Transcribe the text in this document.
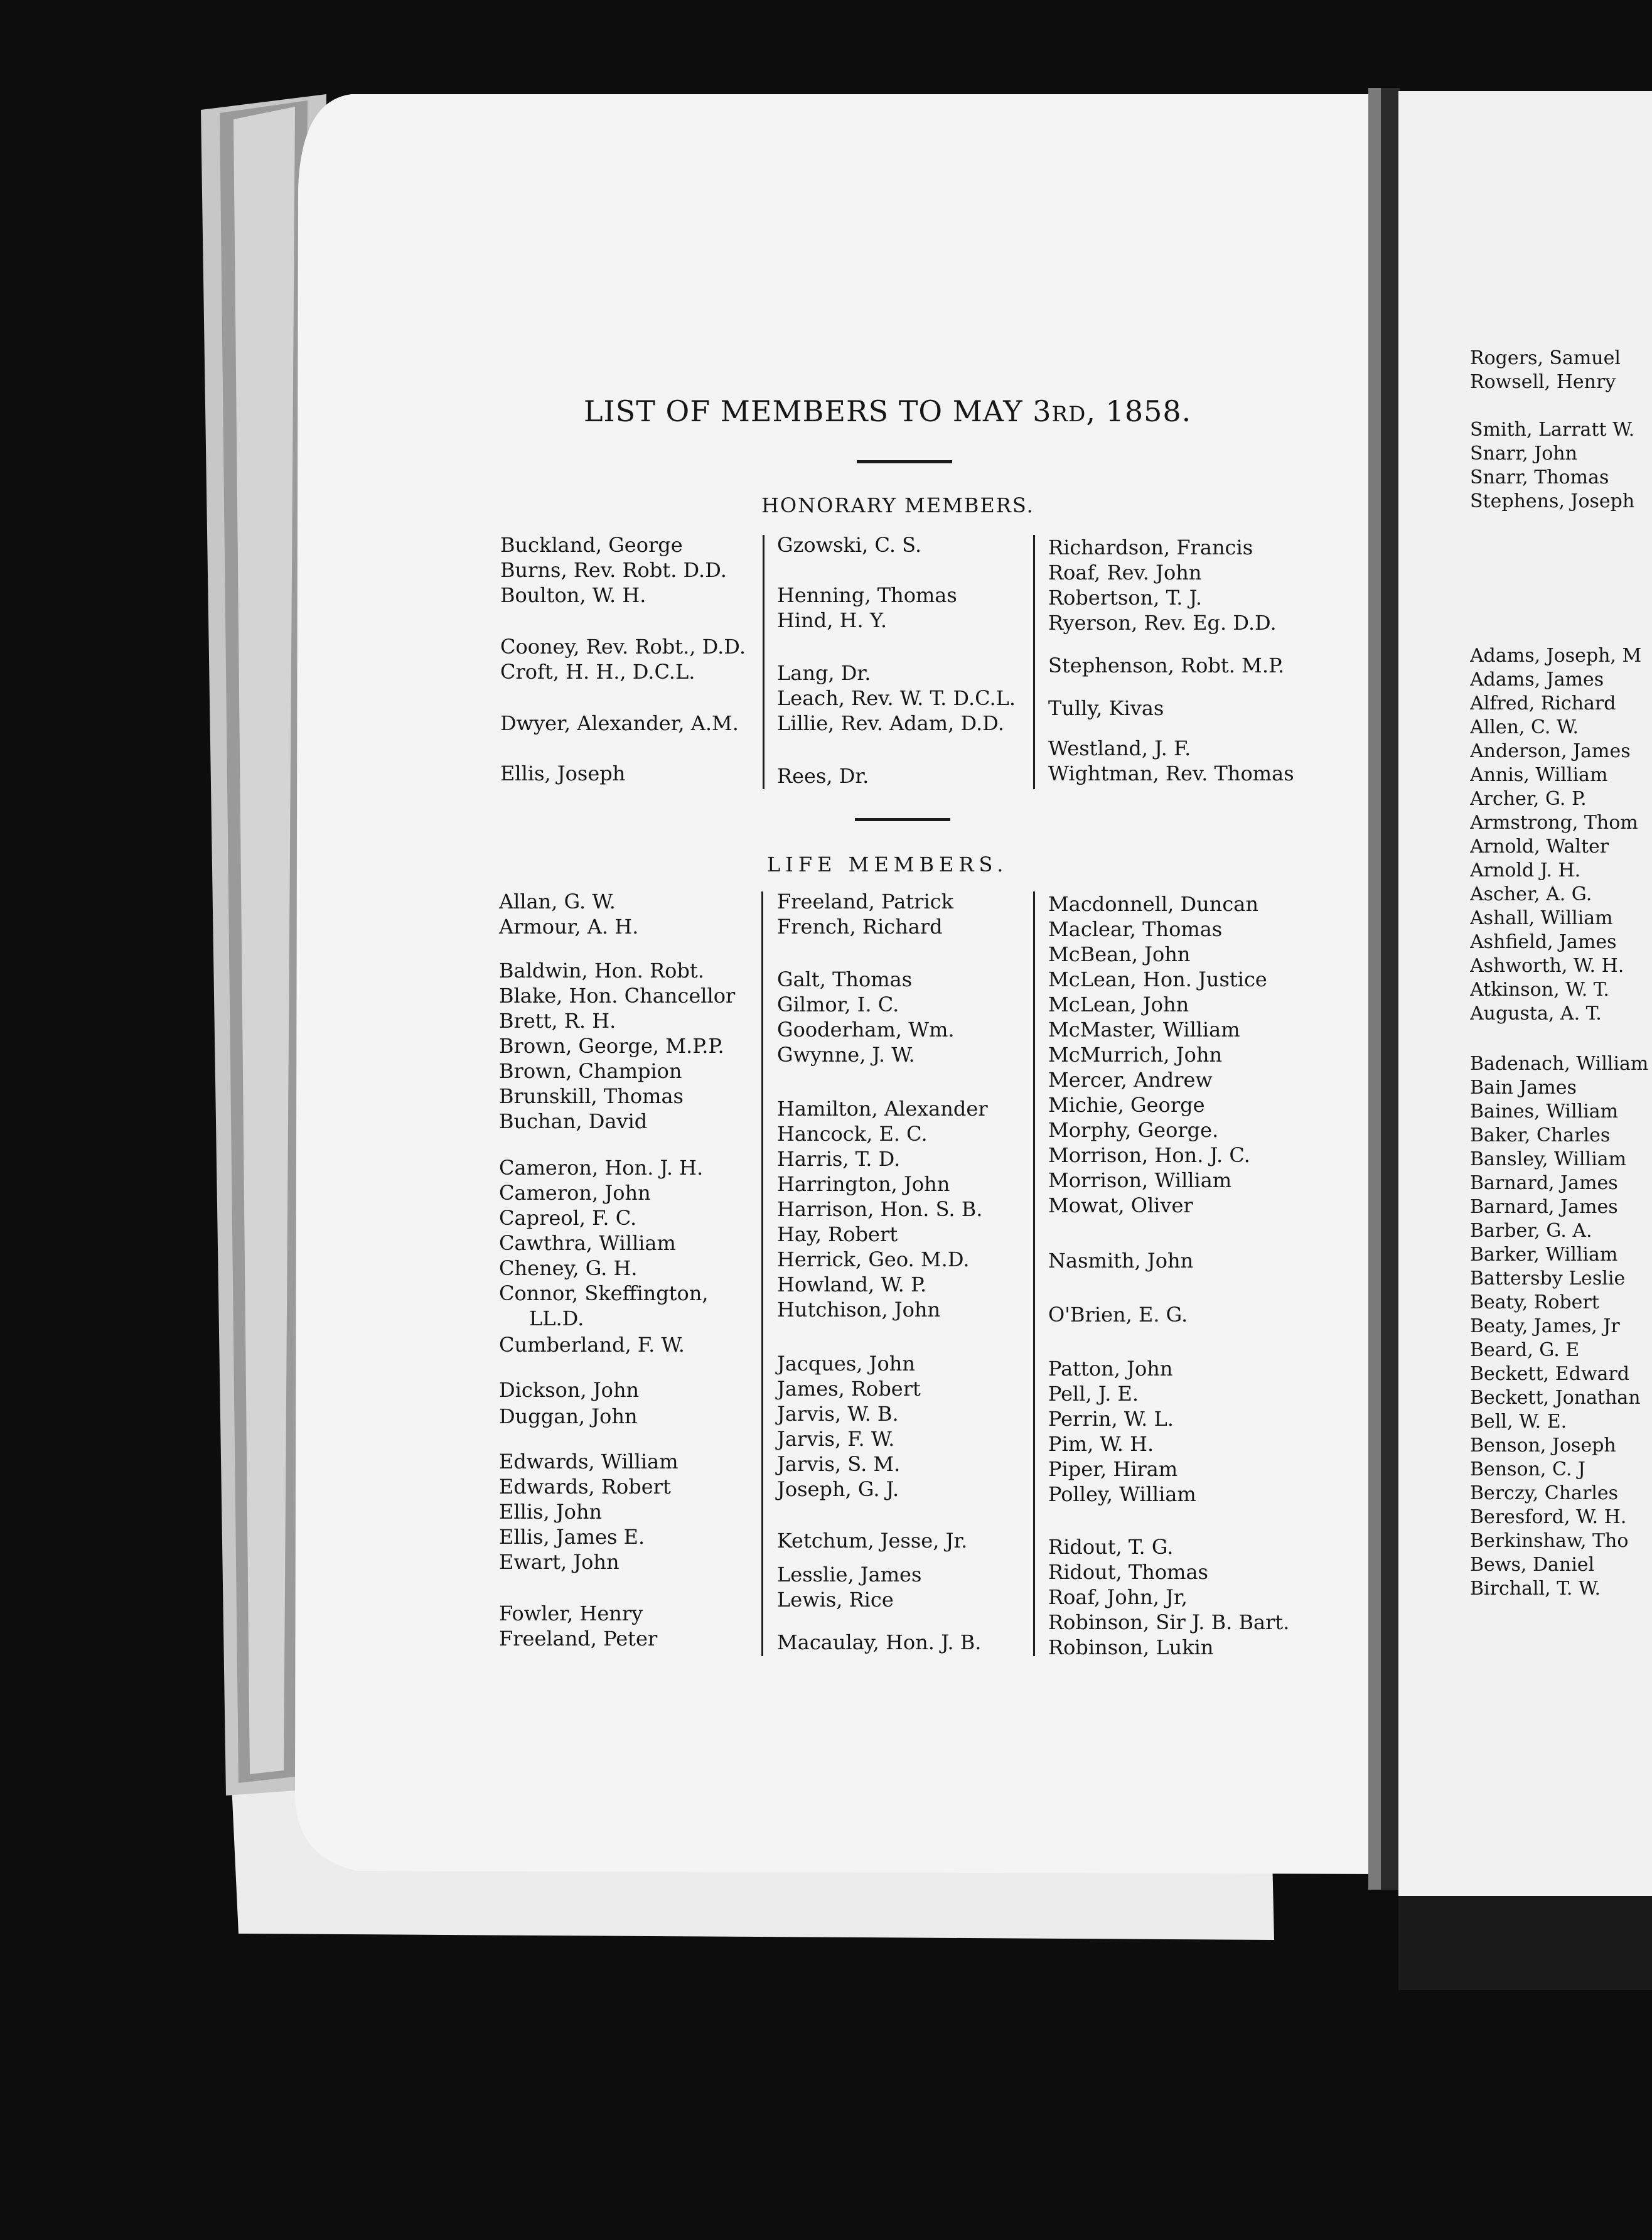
LIST OF MEMBERS TO MAY 3RD, 1858.
HONORARY MEMBERS.
Buckland, George
Burns, Rev. Robt. D.D.
Boulton, W. H.
Cooney, Rev. Robt., D.D.
Croft, H. H., D.C.L.
Dwyer, Alexander, A.M.
Ellis, Joseph
Gzowski, C. S.
Henning, Thomas
Hind, H. Y.
Lang, Dr.
Leach, Rev. W. T. D.C.L.
Lillie, Rev. Adam, D.D.
Rees, Dr.
Richardson, Francis
Roaf, Rev. John
Robertson, T. J.
Ryerson, Rev. Eg. D.D.
Stephenson, Robt. M.P.
Tully, Kivas
Westland, J. F.
Wightman, Rev. Thomas
LIFE MEMBERS.
Allan, G. W.
Armour, A. H.
Baldwin, Hon. Robt.
Blake, Hon. Chancellor
Brett, R. H.
Brown, George, M.P.P.
Brown, Champion
Brunskill, Thomas
Buchan, David
Cameron, Hon. J. H.
Cameron, John
Capreol, F. C.
Cawthra, William
Cheney, G. H.
Connor, Skeffington,
LL.D.
Cumberland, F. W.
Dickson, John
Duggan, John
Edwards, William
Edwards, Robert
Ellis, John
Ellis, James E.
Ewart, John
Fowler, Henry
Freeland, Peter
Freeland, Patrick
French, Richard
Galt, Thomas
Gilmor, I. C.
Gooderham, Wm.
Gwynne, J. W.
Hamilton, Alexander
Hancock, E. C.
Harris, T. D.
Harrington, John
Harrison, Hon. S. B.
Hay, Robert
Herrick, Geo. M.D.
Howland, W. P.
Hutchison, John
Jacques, John
James, Robert
Jarvis, W. B.
Jarvis, F. W.
Jarvis, S. M.
Joseph, G. J.
Ketchum, Jesse, Jr.
Lesslie, James
Lewis, Rice
Macaulay, Hon. J. B.
Macdonnell, Duncan
Maclear, Thomas
McBean, John
McLean, Hon. Justice
McLean, John
McMaster, William
McMurrich, John
Mercer, Andrew
Michie, George
Morphy, George.
Morrison, Hon. J. C.
Morrison, William
Mowat, Oliver
Nasmith, John
O'Brien, E. G.
Patton, John
Pell, J. E.
Perrin, W. L.
Pim, W. H.
Piper, Hiram
Polley, William
Ridout, T. G.
Ridout, Thomas
Roaf, John, Jr,
Robinson, Sir J. B. Bart.
Robinson, Lukin
Rogers, Samuel
Rowsell, Henry
Smith, Larratt W.
Snarr, John
Snarr, Thomas
Stephens, Joseph
Adams, Joseph, M
Adams, James
Alfred, Richard
Allen, C. W.
Anderson, James
Annis, William
Archer, G. P.
Armstrong, Thom
Arnold, Walter
Arnold J. H.
Ascher, A. G.
Ashall, William
Ashfield, James
Ashworth, W. H.
Atkinson, W. T.
Augusta, A. T.
Badenach, William
Bain James
Baines, William
Baker, Charles
Bansley, William
Barnard, James
Barnard, James
Barber, G. A.
Barker, William
Battersby Leslie
Beaty, Robert
Beaty, James, Jr
Beard, G. E
Beckett, Edward
Beckett, Jonathan
Bell, W. E.
Benson, Joseph
Benson, C. J
Berczy, Charles
Beresford, W. H.
Berkinshaw, Tho
Bews, Daniel
Birchall, T. W.
